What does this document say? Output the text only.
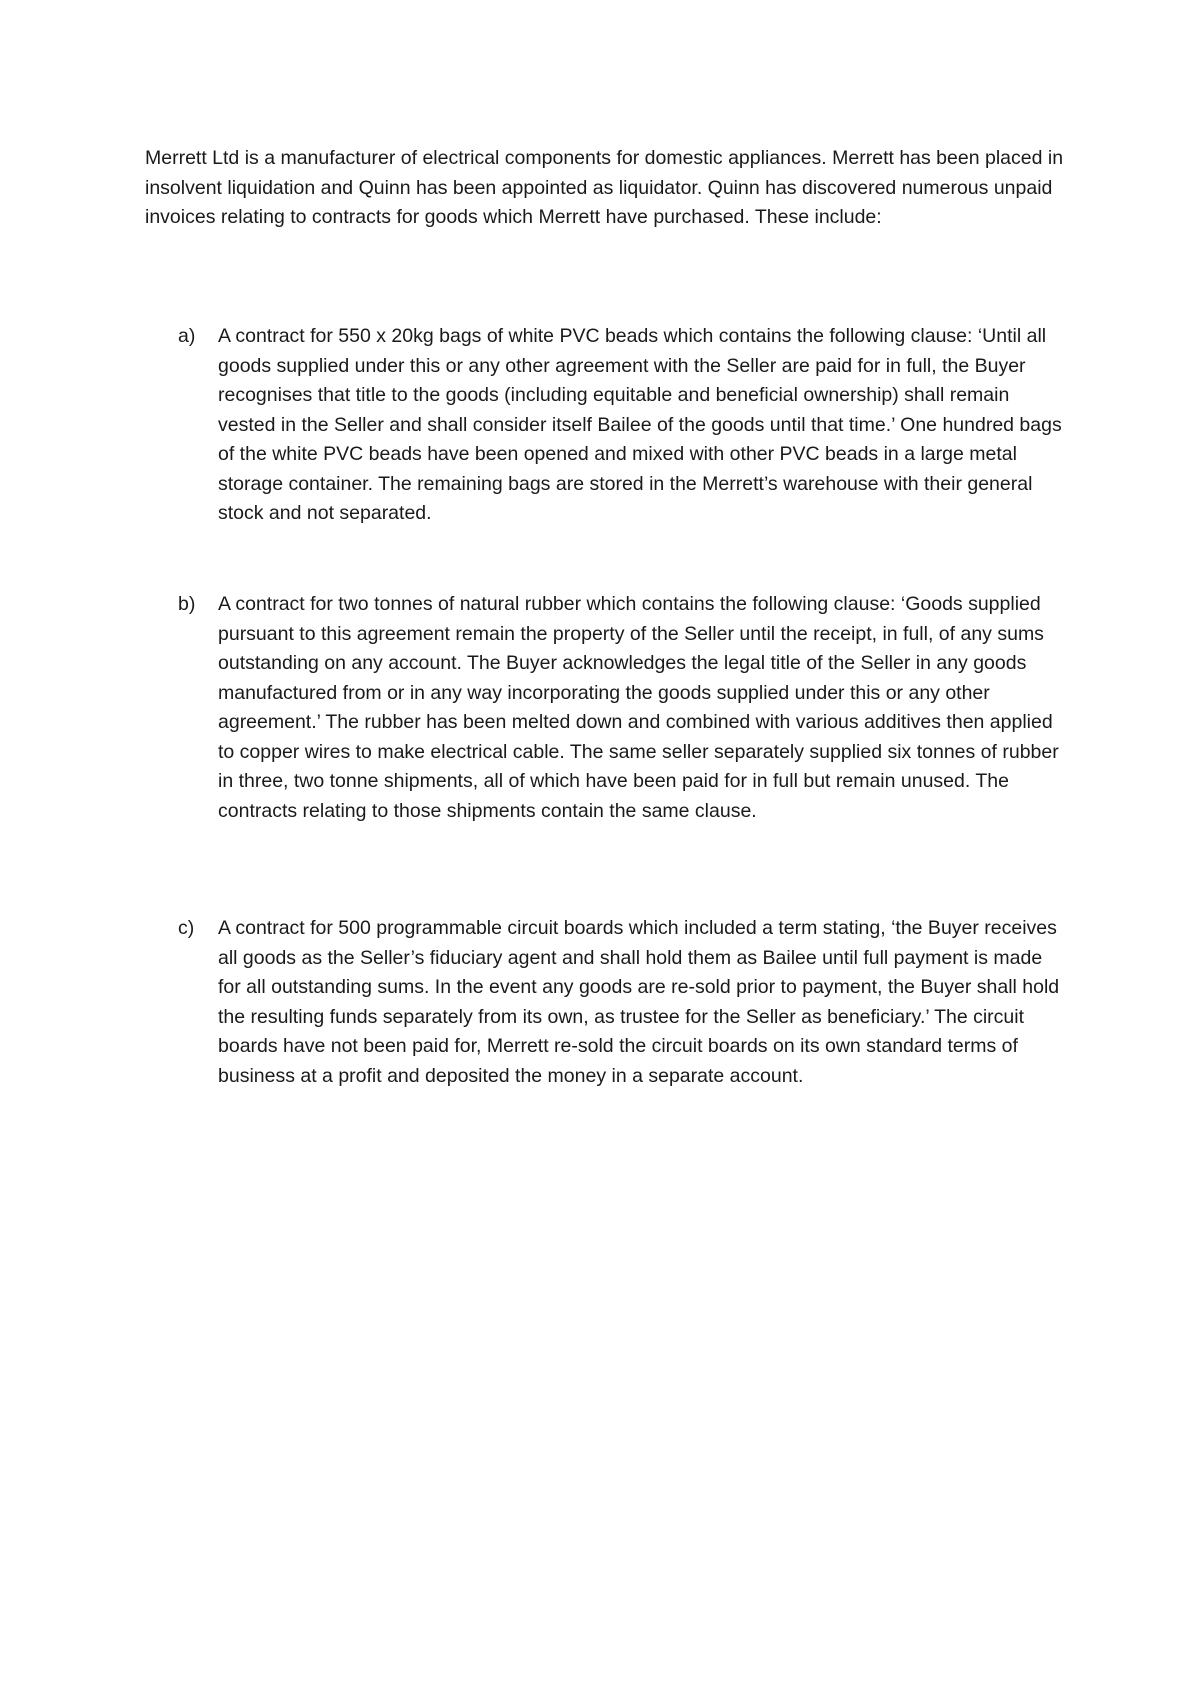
Merrett Ltd is a manufacturer of electrical components for domestic appliances. Merrett has been placed in insolvent liquidation and Quinn has been appointed as liquidator. Quinn has discovered numerous unpaid invoices relating to contracts for goods which Merrett have purchased. These include:

a) A contract for 550 x 20kg bags of white PVC beads which contains the following clause: ‘Until all goods supplied under this or any other agreement with the Seller are paid for in full, the Buyer recognises that title to the goods (including equitable and beneficial ownership) shall remain vested in the Seller and shall consider itself Bailee of the goods until that time.’ One hundred bags of the white PVC beads have been opened and mixed with other PVC beads in a large metal storage container. The remaining bags are stored in the Merrett’s warehouse with their general stock and not separated.

b) A contract for two tonnes of natural rubber which contains the following clause: ‘Goods supplied pursuant to this agreement remain the property of the Seller until the receipt, in full, of any sums outstanding on any account. The Buyer acknowledges the legal title of the Seller in any goods manufactured from or in any way incorporating the goods supplied under this or any other agreement.’ The rubber has been melted down and combined with various additives then applied to copper wires to make electrical cable. The same seller separately supplied six tonnes of rubber in three, two tonne shipments, all of which have been paid for in full but remain unused. The contracts relating to those shipments contain the same clause.

c) A contract for 500 programmable circuit boards which included a term stating, ‘the Buyer receives all goods as the Seller’s fiduciary agent and shall hold them as Bailee until full payment is made for all outstanding sums. In the event any goods are re-sold prior to payment, the Buyer shall hold the resulting funds separately from its own, as trustee for the Seller as beneficiary.’ The circuit boards have not been paid for, Merrett re-sold the circuit boards on its own standard terms of business at a profit and deposited the money in a separate account.
